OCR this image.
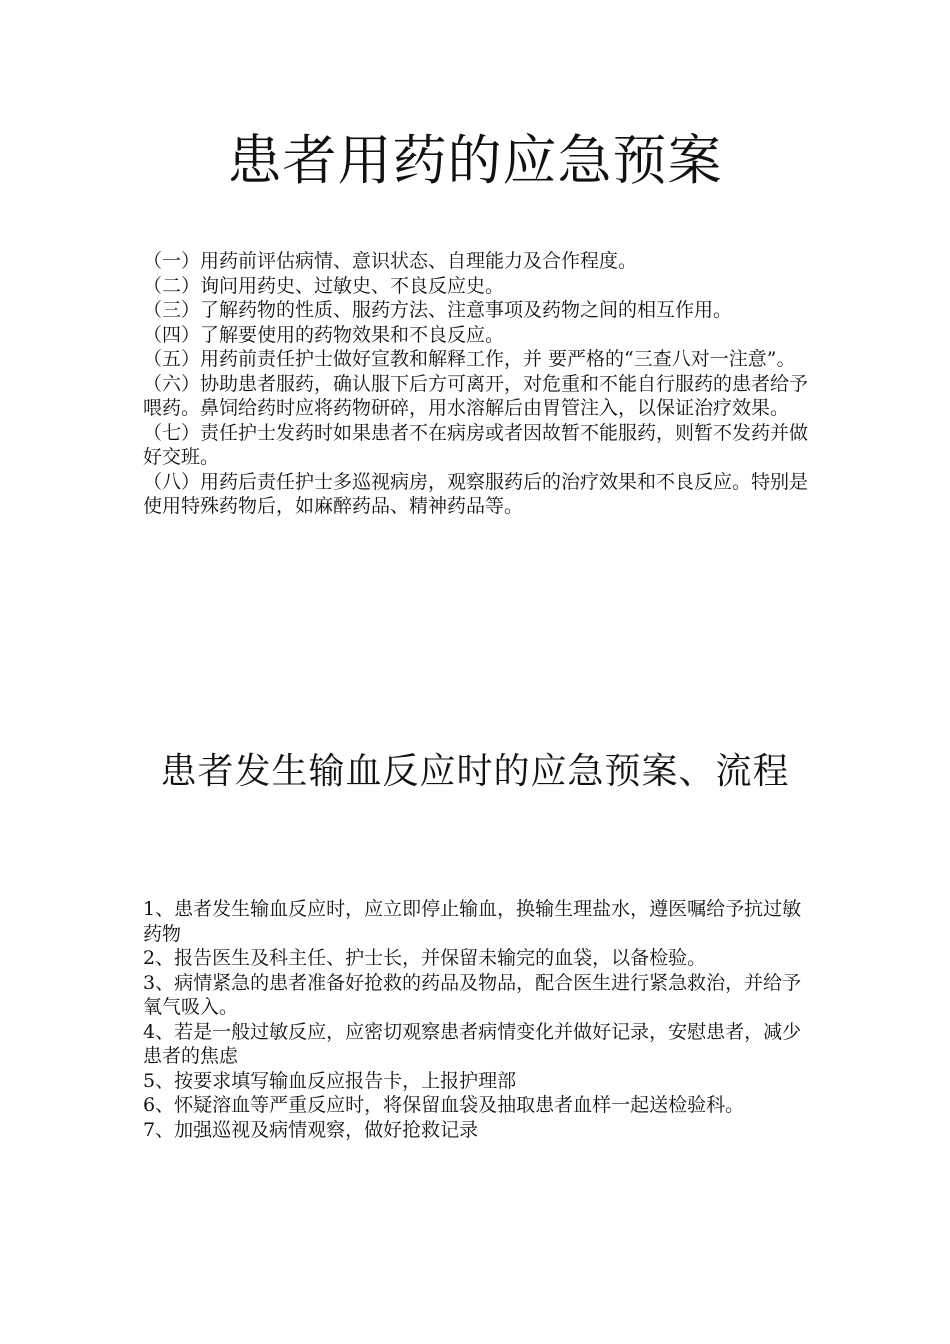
患者用药的应急预案

（一）用药前评估病情、意识状态、自理能力及合作程度。

（二）询问用药史、过敏史、不良反应史。

（三）了解药物的性质、服药方法、注意事项及药物之间的相互作用。

（四）了解要使用的药物效果和不良反应。

（五）用药前责任护士做好宣教和解释工作，并 要严格的“三查八对一注意”。

（六）协助患者服药，确认服下后方可离开，对危重和不能自行服药的患者给予喂药。鼻饲给药时应将药物研碎，用水溶解后由胃管注入，以保证治疗效果。

（七）责任护士发药时如果患者不在病房或者因故暂不能服药，则暂不发药并做好交班。

（八）用药后责任护士多巡视病房，观察服药后的治疗效果和不良反应。特别是使用特殊药物后，如麻醉药品、精神药品等。

患者发生输血反应时的应急预案、流程

1、患者发生输血反应时，应立即停止输血，换输生理盐水，遵医嘱给予抗过敏药物

2、报告医生及科主任、护士长，并保留未输完的血袋，以备检验。

3、病情紧急的患者准备好抢救的药品及物品，配合医生进行紧急救治，并给予氧气吸入。

4、若是一般过敏反应，应密切观察患者病情变化并做好记录，安慰患者，减少患者的焦虑

5、按要求填写输血反应报告卡，上报护理部

6、怀疑溶血等严重反应时，将保留血袋及抽取患者血样一起送检验科。

7、加强巡视及病情观察，做好抢救记录
